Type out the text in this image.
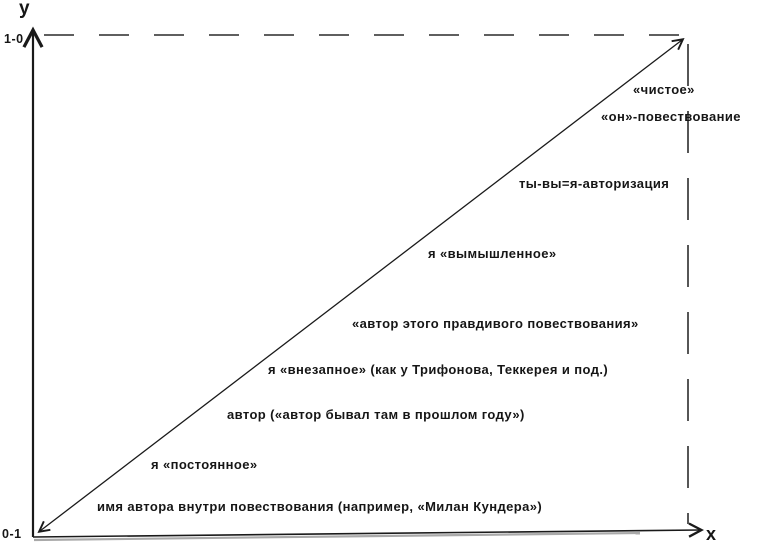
у
1-0
0-1	х
«чистое»
«он»-повествование
ты-вы=я-авторизация
я «вымышленное»
«автор этого правдивого повествования»
я «внезапное» (как у Трифонова, Теккерея и под.)
автор («автор бывал там в прошлом году»)
я «постоянное»
имя автора внутри повествования (например, «Милан Кундера»)
